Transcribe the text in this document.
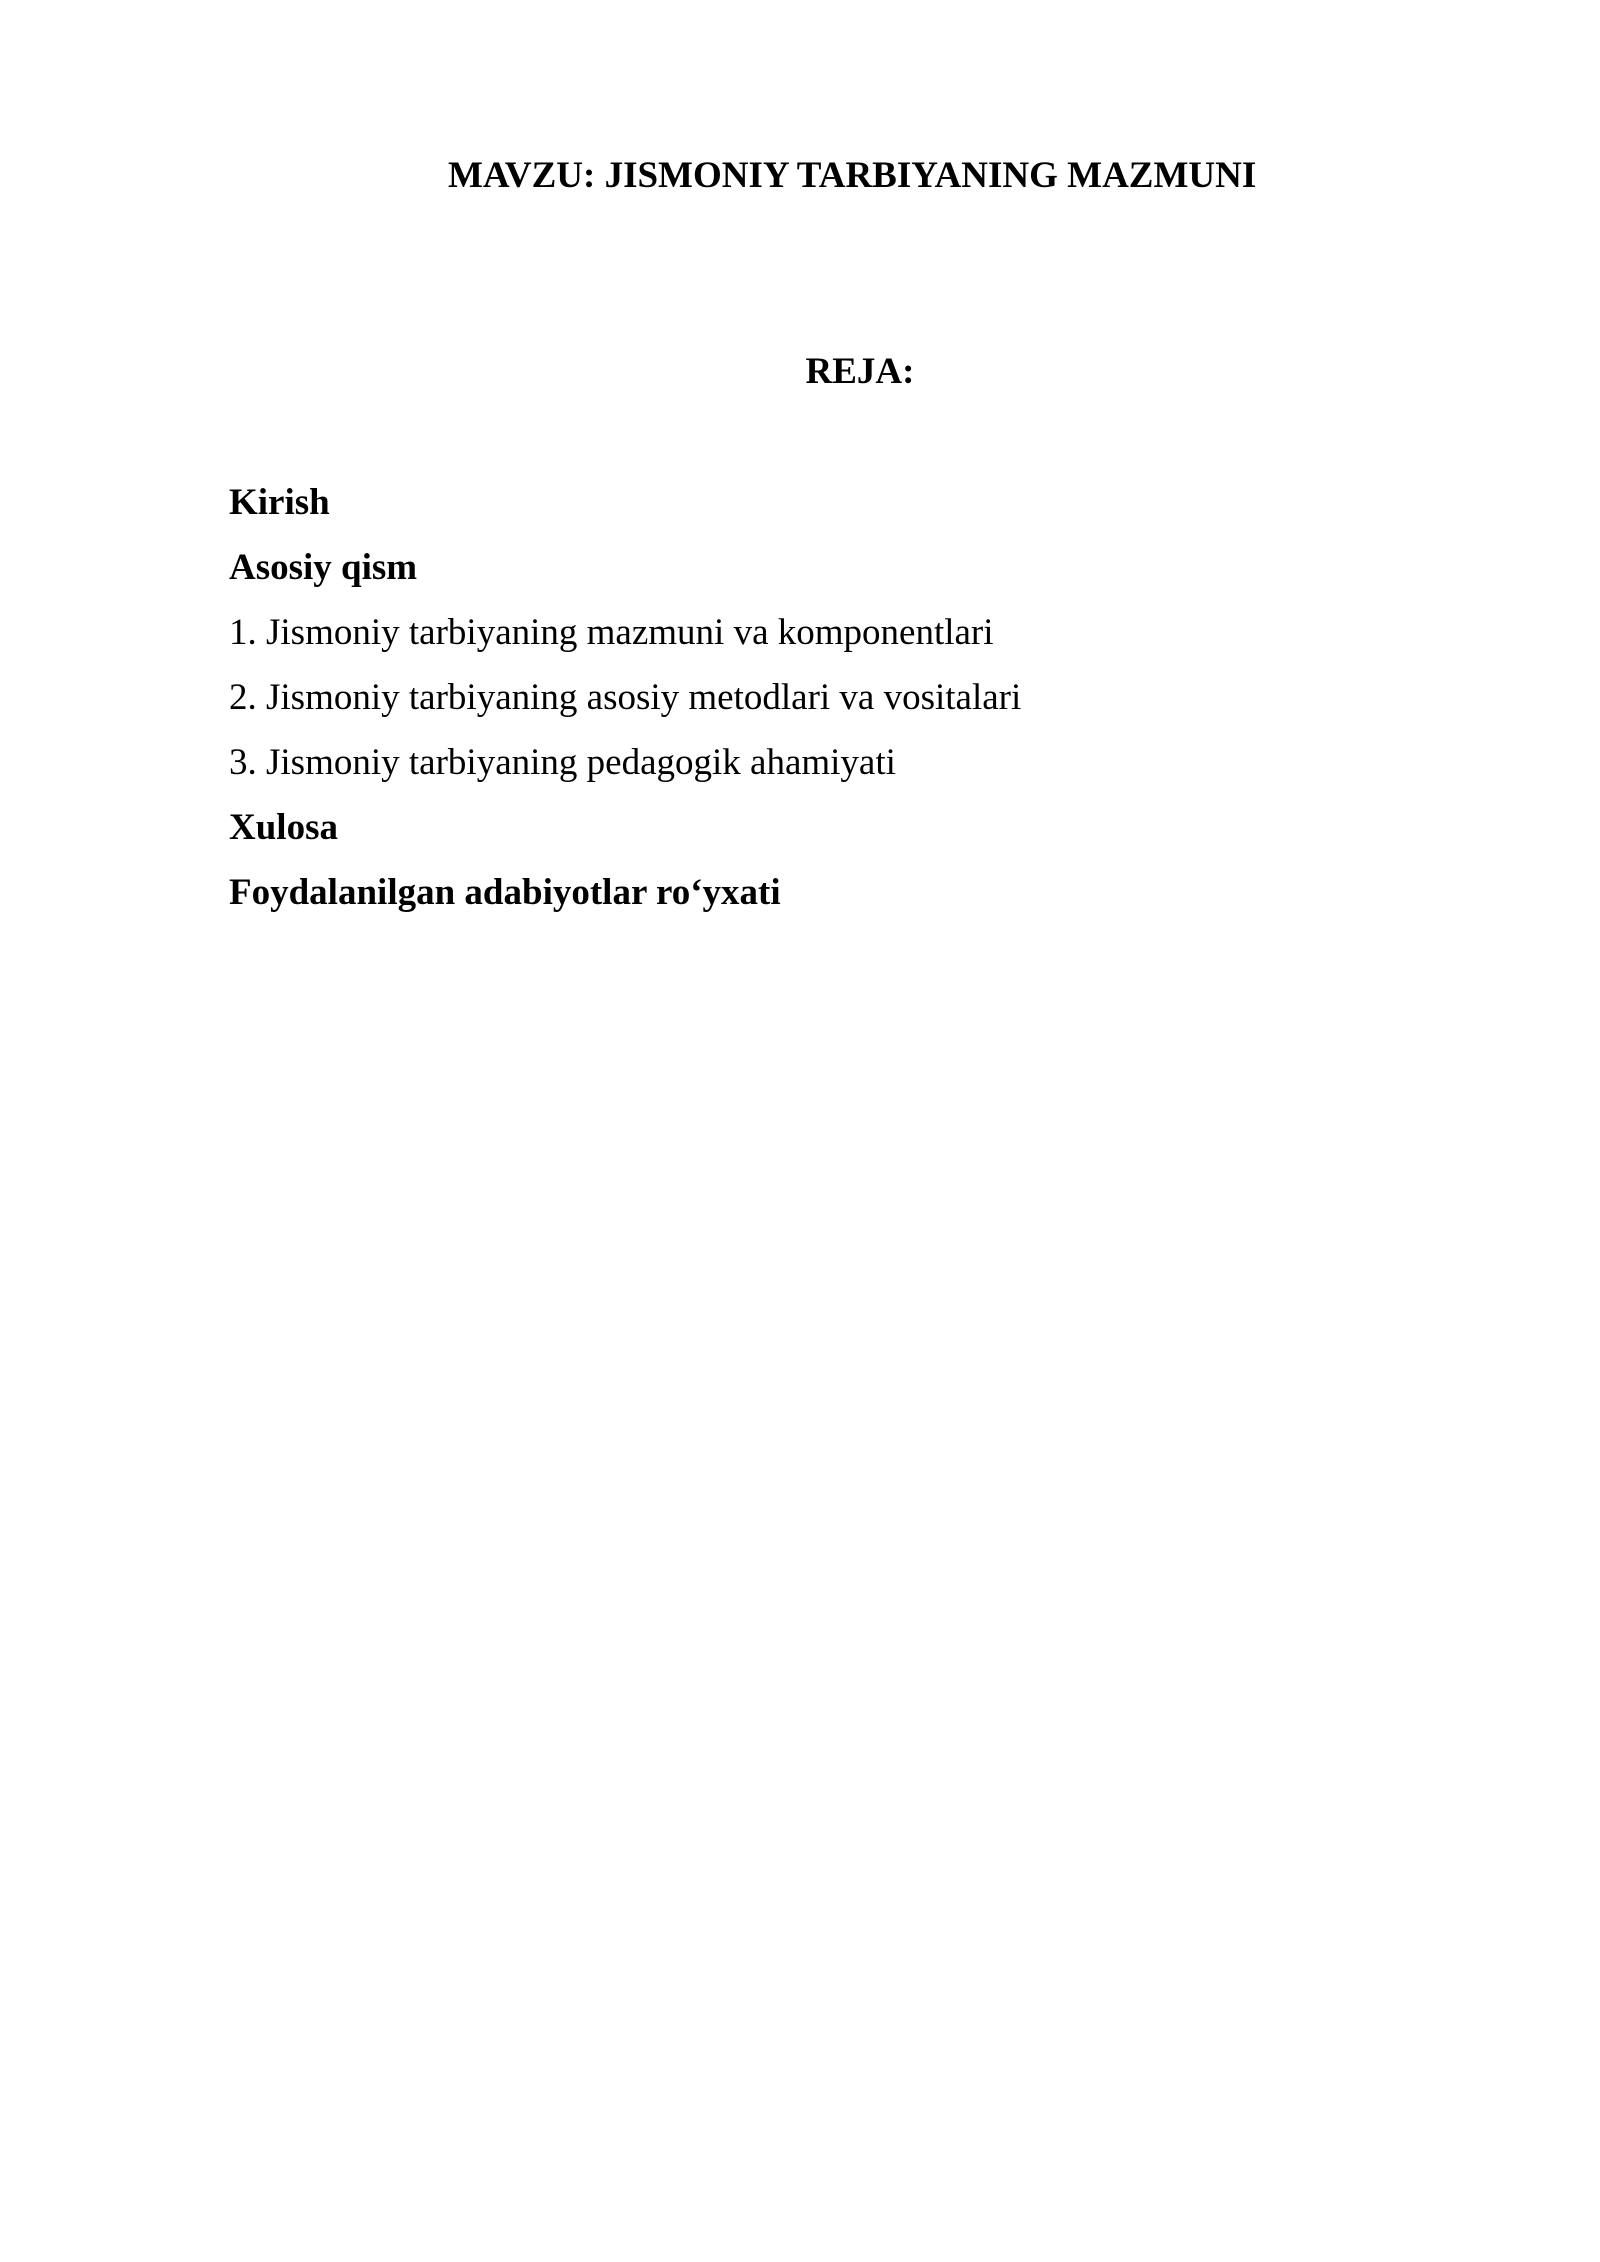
MAVZU: JISMONIY TARBIYANING MAZMUNI
REJA:
Kirish
Asosiy qism
1. Jismoniy tarbiyaning mazmuni va komponentlari
2. Jismoniy tarbiyaning asosiy metodlari va vositalari
3. Jismoniy tarbiyaning pedagogik ahamiyati
Xulosa
Foydalanilgan adabiyotlar ro‘yxati
